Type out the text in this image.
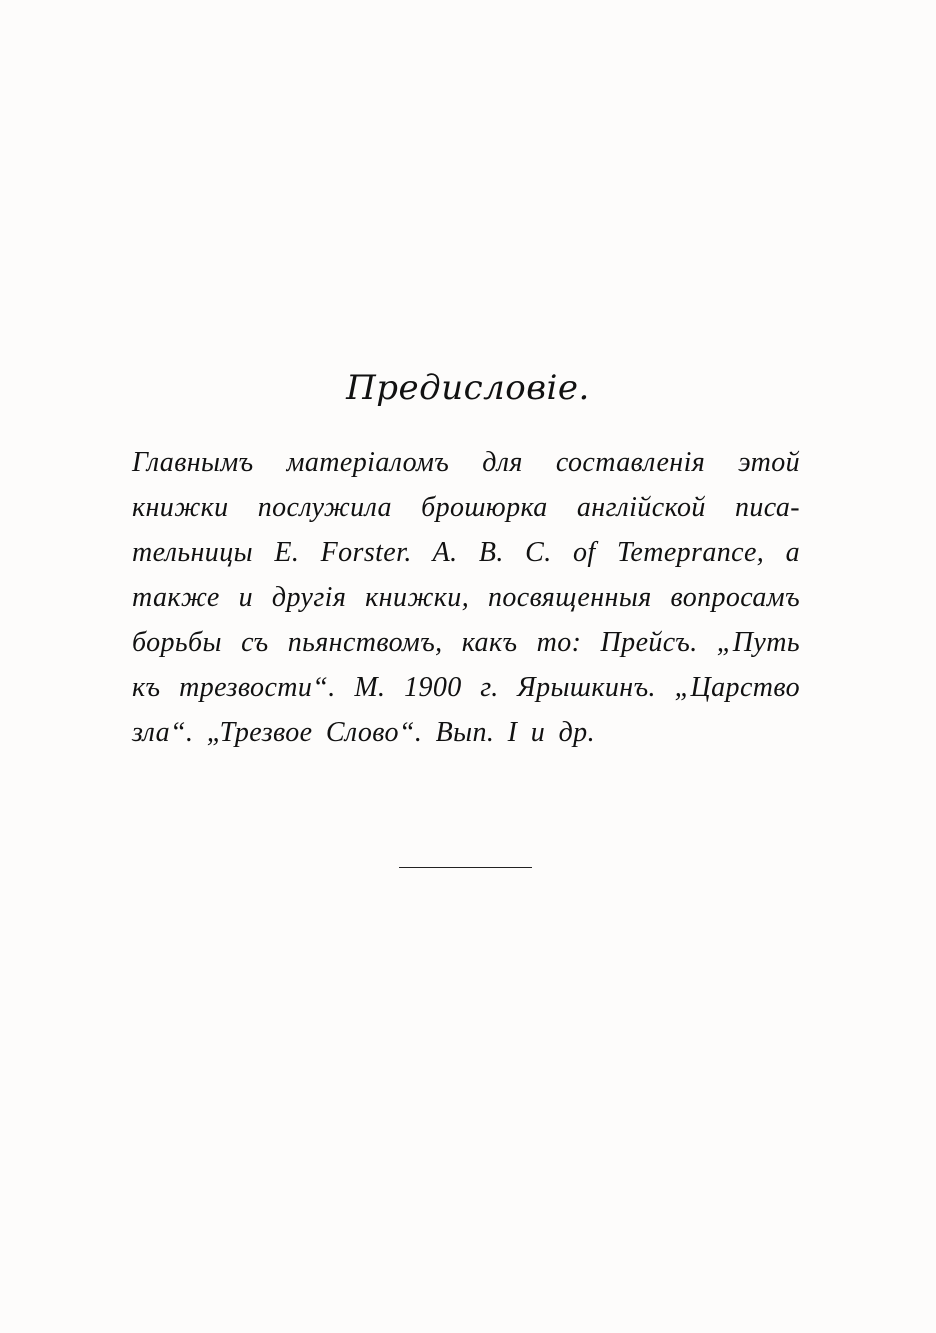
Предисловіе.
Главнымъ матеріаломъ для составленія этой
книжки послужила брошюрка англійской писа-
тельницы E. Forster. A. B. C. of Temeprance, а
также и другія книжки, посвященныя вопросамъ
борьбы съ пьянствомъ, какъ то: Прейсъ. „Путь
къ трезвости“. М. 1900 г. Ярышкинъ. „Царство
зла“. „Трезвое Слово“. Вып. I и др.
